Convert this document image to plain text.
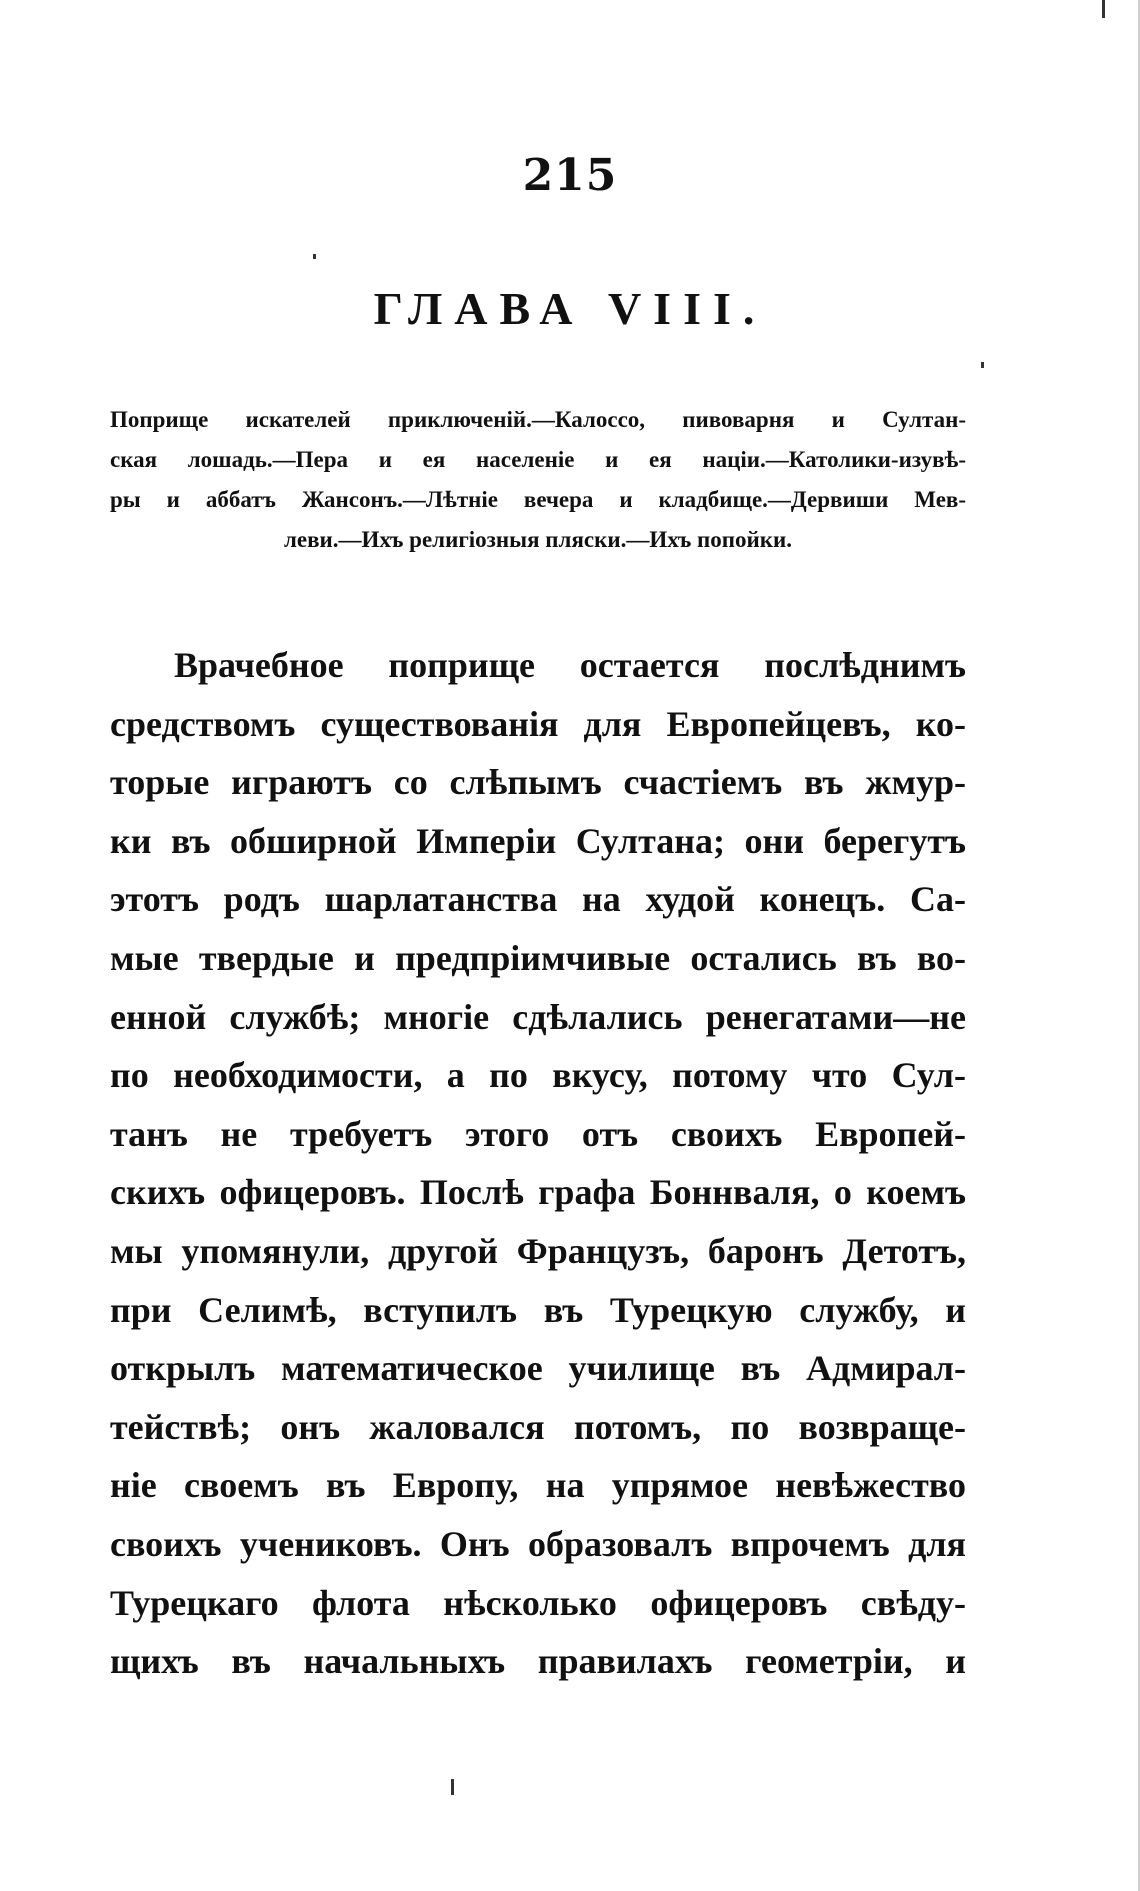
215
ГЛАВА VIII.
Поприще искателей приключеній.—Калоссо, пивоварня и Султан-
ская лошадь.—Пера и ея населеніе и ея націи.—Католики-изувѣ-
ры и аббатъ Жансонъ.—Лѣтніе вечера и кладбище.—Дервиши Мев-
леви.—Ихъ религіозныя пляски.—Ихъ попойки.
Врачебное поприще остается послѣднимъ
средствомъ существованія для Европейцевъ, ко-
торые играютъ со слѣпымъ счастіемъ въ жмур-
ки въ обширной Имперіи Султана; они берегутъ
этотъ родъ шарлатанства на худой конецъ. Са-
мые твердые и предпріимчивые остались въ во-
енной службѣ; многіе сдѣлались ренегатами—не
по необходимости, а по вкусу, потому что Сул-
танъ не требуетъ этого отъ своихъ Европей-
скихъ офицеровъ. Послѣ графа Боннваля, о коемъ
мы упомянули, другой Французъ, баронъ Детотъ,
при Селимѣ, вступилъ въ Турецкую службу, и
открылъ математическое училище въ Адмирал-
тействѣ; онъ жаловался потомъ, по возвраще-
ніе своемъ въ Европу, на упрямое невѣжество
своихъ учениковъ. Онъ образовалъ впрочемъ для
Турецкаго флота нѣсколько офицеровъ свѣду-
щихъ въ начальныхъ правилахъ геометріи, и
